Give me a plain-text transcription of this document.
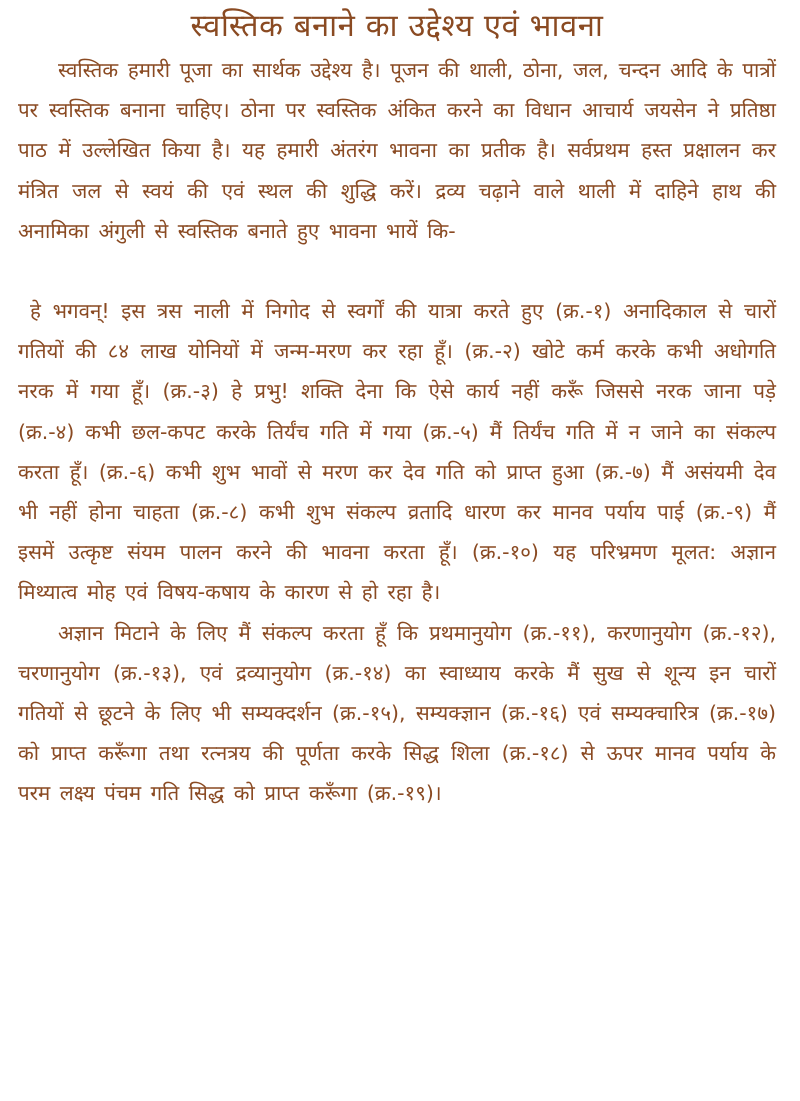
स्वस्तिक बनाने का उद्देश्य एवं भावना

स्वस्तिक हमारी पूजा का सार्थक उद्देश्य है। पूजन की थाली, ठोना, जल, चन्दन आदि के पात्रों पर स्वस्तिक बनाना चाहिए। ठोना पर स्वस्तिक अंकित करने का विधान आचार्य जयसेन ने प्रतिष्ठा पाठ में उल्लेखित किया है। यह हमारी अंतरंग भावना का प्रतीक है। सर्वप्रथम हस्त प्रक्षालन कर मंत्रित जल से स्वयं की एवं स्थल की शुद्धि करें। द्रव्य चढ़ाने वाले थाली में दाहिने हाथ की अनामिका अंगुली से स्वस्तिक बनाते हुए भावना भायें कि-

हे भगवन्! इस त्रस नाली में निगोद से स्वर्गों की यात्रा करते हुए (क्र.-१) अनादिकाल से चारों गतियों की ८४ लाख योनियों में जन्म-मरण कर रहा हूँ। (क्र.-२) खोटे कर्म करके कभी अधोगति नरक में गया हूँ। (क्र.-३) हे प्रभु! शक्ति देना कि ऐसे कार्य नहीं करूँ जिससे नरक जाना पड़े (क्र.-४) कभी छल-कपट करके तिर्यंच गति में गया (क्र.-५) मैं तिर्यंच गति में न जाने का संकल्प करता हूँ। (क्र.-६) कभी शुभ भावों से मरण कर देव गति को प्राप्त हुआ (क्र.-७) मैं असंयमी देव भी नहीं होना चाहता (क्र.-८) कभी शुभ संकल्प व्रतादि धारण कर मानव पर्याय पाई (क्र.-९) मैं इसमें उत्कृष्ट संयम पालन करने की भावना करता हूँ। (क्र.-१०) यह परिभ्रमण मूलत: अज्ञान मिथ्यात्व मोह एवं विषय-कषाय के कारण से हो रहा है।

अज्ञान मिटाने के लिए मैं संकल्प करता हूँ कि प्रथमानुयोग (क्र.-११), करणानुयोग (क्र.-१२), चरणानुयोग (क्र.-१३), एवं द्रव्यानुयोग (क्र.-१४) का स्वाध्याय करके मैं सुख से शून्य इन चारों गतियों से छूटने के लिए भी सम्यक्दर्शन (क्र.-१५), सम्यक्ज्ञान (क्र.-१६) एवं सम्यक्चारित्र (क्र.-१७) को प्राप्त करूँगा तथा रत्नत्रय की पूर्णता करके सिद्ध शिला (क्र.-१८) से ऊपर मानव पर्याय के परम लक्ष्य पंचम गति सिद्ध को प्राप्त करूँगा (क्र.-१९)।
